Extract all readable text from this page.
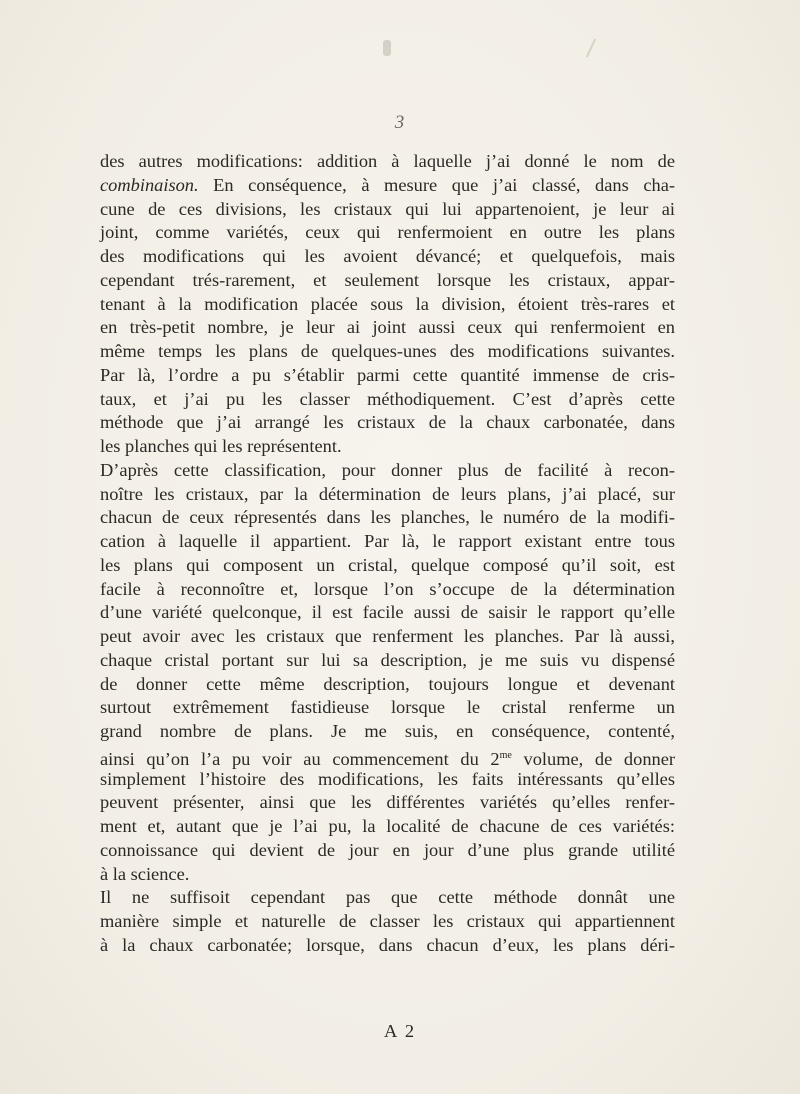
3
des autres modifications: addition à laquelle j’ai donné le nom de
combinaison. En conséquence, à mesure que j’ai classé, dans cha-
cune de ces divisions, les cristaux qui lui appartenoient, je leur ai
joint, comme variétés, ceux qui renfermoient en outre les plans
des modifications qui les avoient dévancé; et quelquefois, mais
cependant trés-rarement, et seulement lorsque les cristaux, appar-
tenant à la modification placée sous la division, étoient très-rares et
en très-petit nombre, je leur ai joint aussi ceux qui renfermoient en
même temps les plans de quelques-unes des modifications suivantes.
Par là, l’ordre a pu s’établir parmi cette quantité immense de cris-
taux, et j’ai pu les classer méthodiquement. C’est d’après cette
méthode que j’ai arrangé les cristaux de la chaux carbonatée, dans
les planches qui les représentent.
D’après cette classification, pour donner plus de facilité à recon-
noître les cristaux, par la détermination de leurs plans, j’ai placé, sur
chacun de ceux répresentés dans les planches, le numéro de la modifi-
cation à laquelle il appartient. Par là, le rapport existant entre tous
les plans qui composent un cristal, quelque composé qu’il soit, est
facile à reconnoître et, lorsque l’on s’occupe de la détermination
d’une variété quelconque, il est facile aussi de saisir le rapport qu’elle
peut avoir avec les cristaux que renferment les planches. Par là aussi,
chaque cristal portant sur lui sa description, je me suis vu dispensé
de donner cette même description, toujours longue et devenant
surtout extrêmement fastidieuse lorsque le cristal renferme un
grand nombre de plans. Je me suis, en conséquence, contenté,
ainsi qu’on l’a pu voir au commencement du $2^{me}$ volume, de donner
simplement l’histoire des modifications, les faits intéressants qu’elles
peuvent présenter, ainsi que les différentes variétés qu’elles renfer-
ment et, autant que je l’ai pu, la localité de chacune de ces variétés:
connoissance qui devient de jour en jour d’une plus grande utilité
à la science.
Il ne suffisoit cependant pas que cette méthode donnât une
manière simple et naturelle de classer les cristaux qui appartiennent
à la chaux carbonatée; lorsque, dans chacun d’eux, les plans déri-
A 2
